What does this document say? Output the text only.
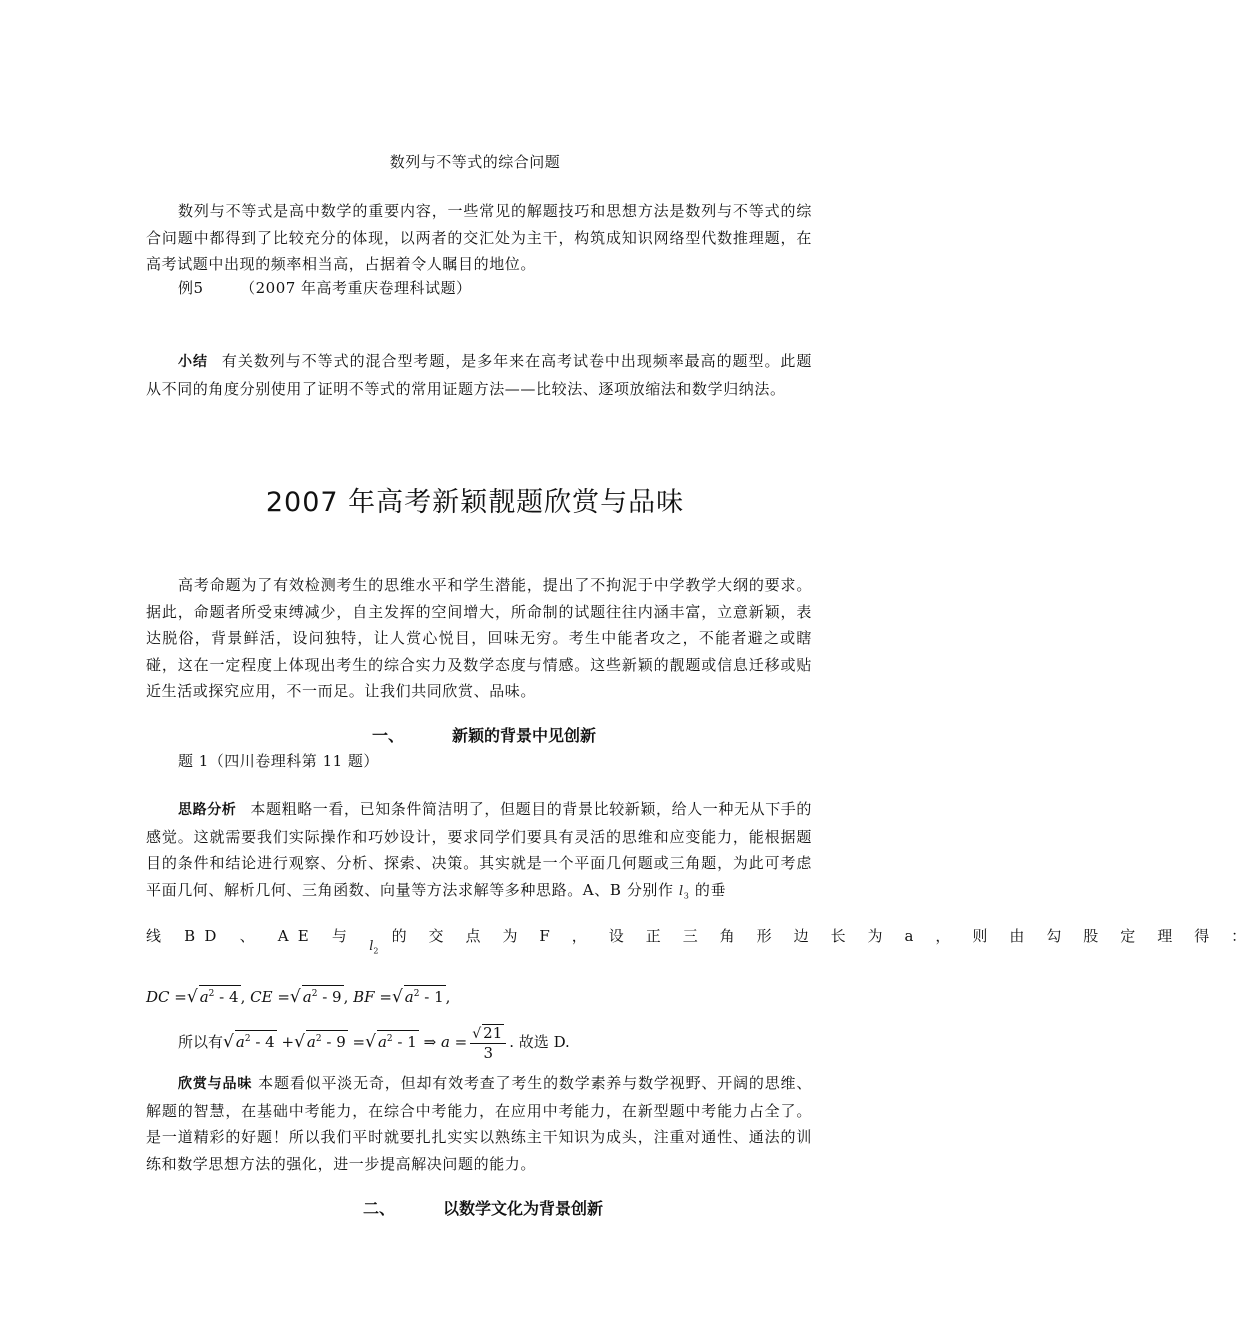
数列与不等式的综合问题
数列与不等式是高中数学的重要内容，一些常见的解题技巧和思想方法是数列与不等式的综合问题中都得到了比较充分的体现，以两者的交汇处为主干，构筑成知识网络型代数推理题，在高考试题中出现的频率相当高，占据着令人瞩目的地位。
例5 （2007 年高考重庆卷理科试题）
小结 有关数列与不等式的混合型考题，是多年来在高考试卷中出现频率最高的题型。此题从不同的角度分别使用了证明不等式的常用证题方法——比较法、逐项放缩法和数学归纳法。
2007 年高考新颖靓题欣赏与品味
高考命题为了有效检测考生的思维水平和学生潜能，提出了不拘泥于中学教学大纲的要求。据此，命题者所受束缚减少，自主发挥的空间增大，所命制的试题往往内涵丰富，立意新颖，表达脱俗，背景鲜活，设问独特，让人赏心悦目，回味无穷。考生中能者攻之，不能者避之或瞎碰，这在一定程度上体现出考生的综合实力及数学态度与情感。这些新颖的靓题或信息迁移或贴近生活或探究应用，不一而足。让我们共同欣赏、品味。
一、	新颖的背景中见创新
题 1（四川卷理科第 11 题）
思路分析 本题粗略一看，已知条件简洁明了，但题目的背景比较新颖，给人一种无从下手的感觉。这就需要我们实际操作和巧妙设计，要求同学们要具有灵活的思维和应变能力，能根据题目的条件和结论进行观察、分析、探索、决策。其实就是一个平面几何题或三角题，为此可考虑平面几何、解析几何、三角函数、向量等方法求解等多种思路。A、B 分别作 $l_3$ 的垂
线 BD 、 AE 与 $_{l_2}$ 的 交 点 为 F ， 设 正 三 角 形 边 长 为 a ， 则 由 勾 股 定 理 得 ：
DC =√ $a^2 - 4$ , CE =√ $a^2 - 9$ , BF =√ $a^2 - 1$ ,
所以有√ $a^2 - 4$ +√ $a^2 - 9$ =√ $a^2 - 1$ ⇒ $a = \frac{√ 21}{3}$ . 故选 D.
欣赏与品味 本题看似平淡无奇，但却有效考查了考生的数学素养与数学视野、开阔的思维、解题的智慧，在基础中考能力，在综合中考能力，在应用中考能力，在新型题中考能力占全了。是一道精彩的好题！所以我们平时就要扎扎实实以熟练主干知识为成头，注重对通性、通法的训练和数学思想方法的强化，进一步提高解决问题的能力。
二、	以数学文化为背景创新
